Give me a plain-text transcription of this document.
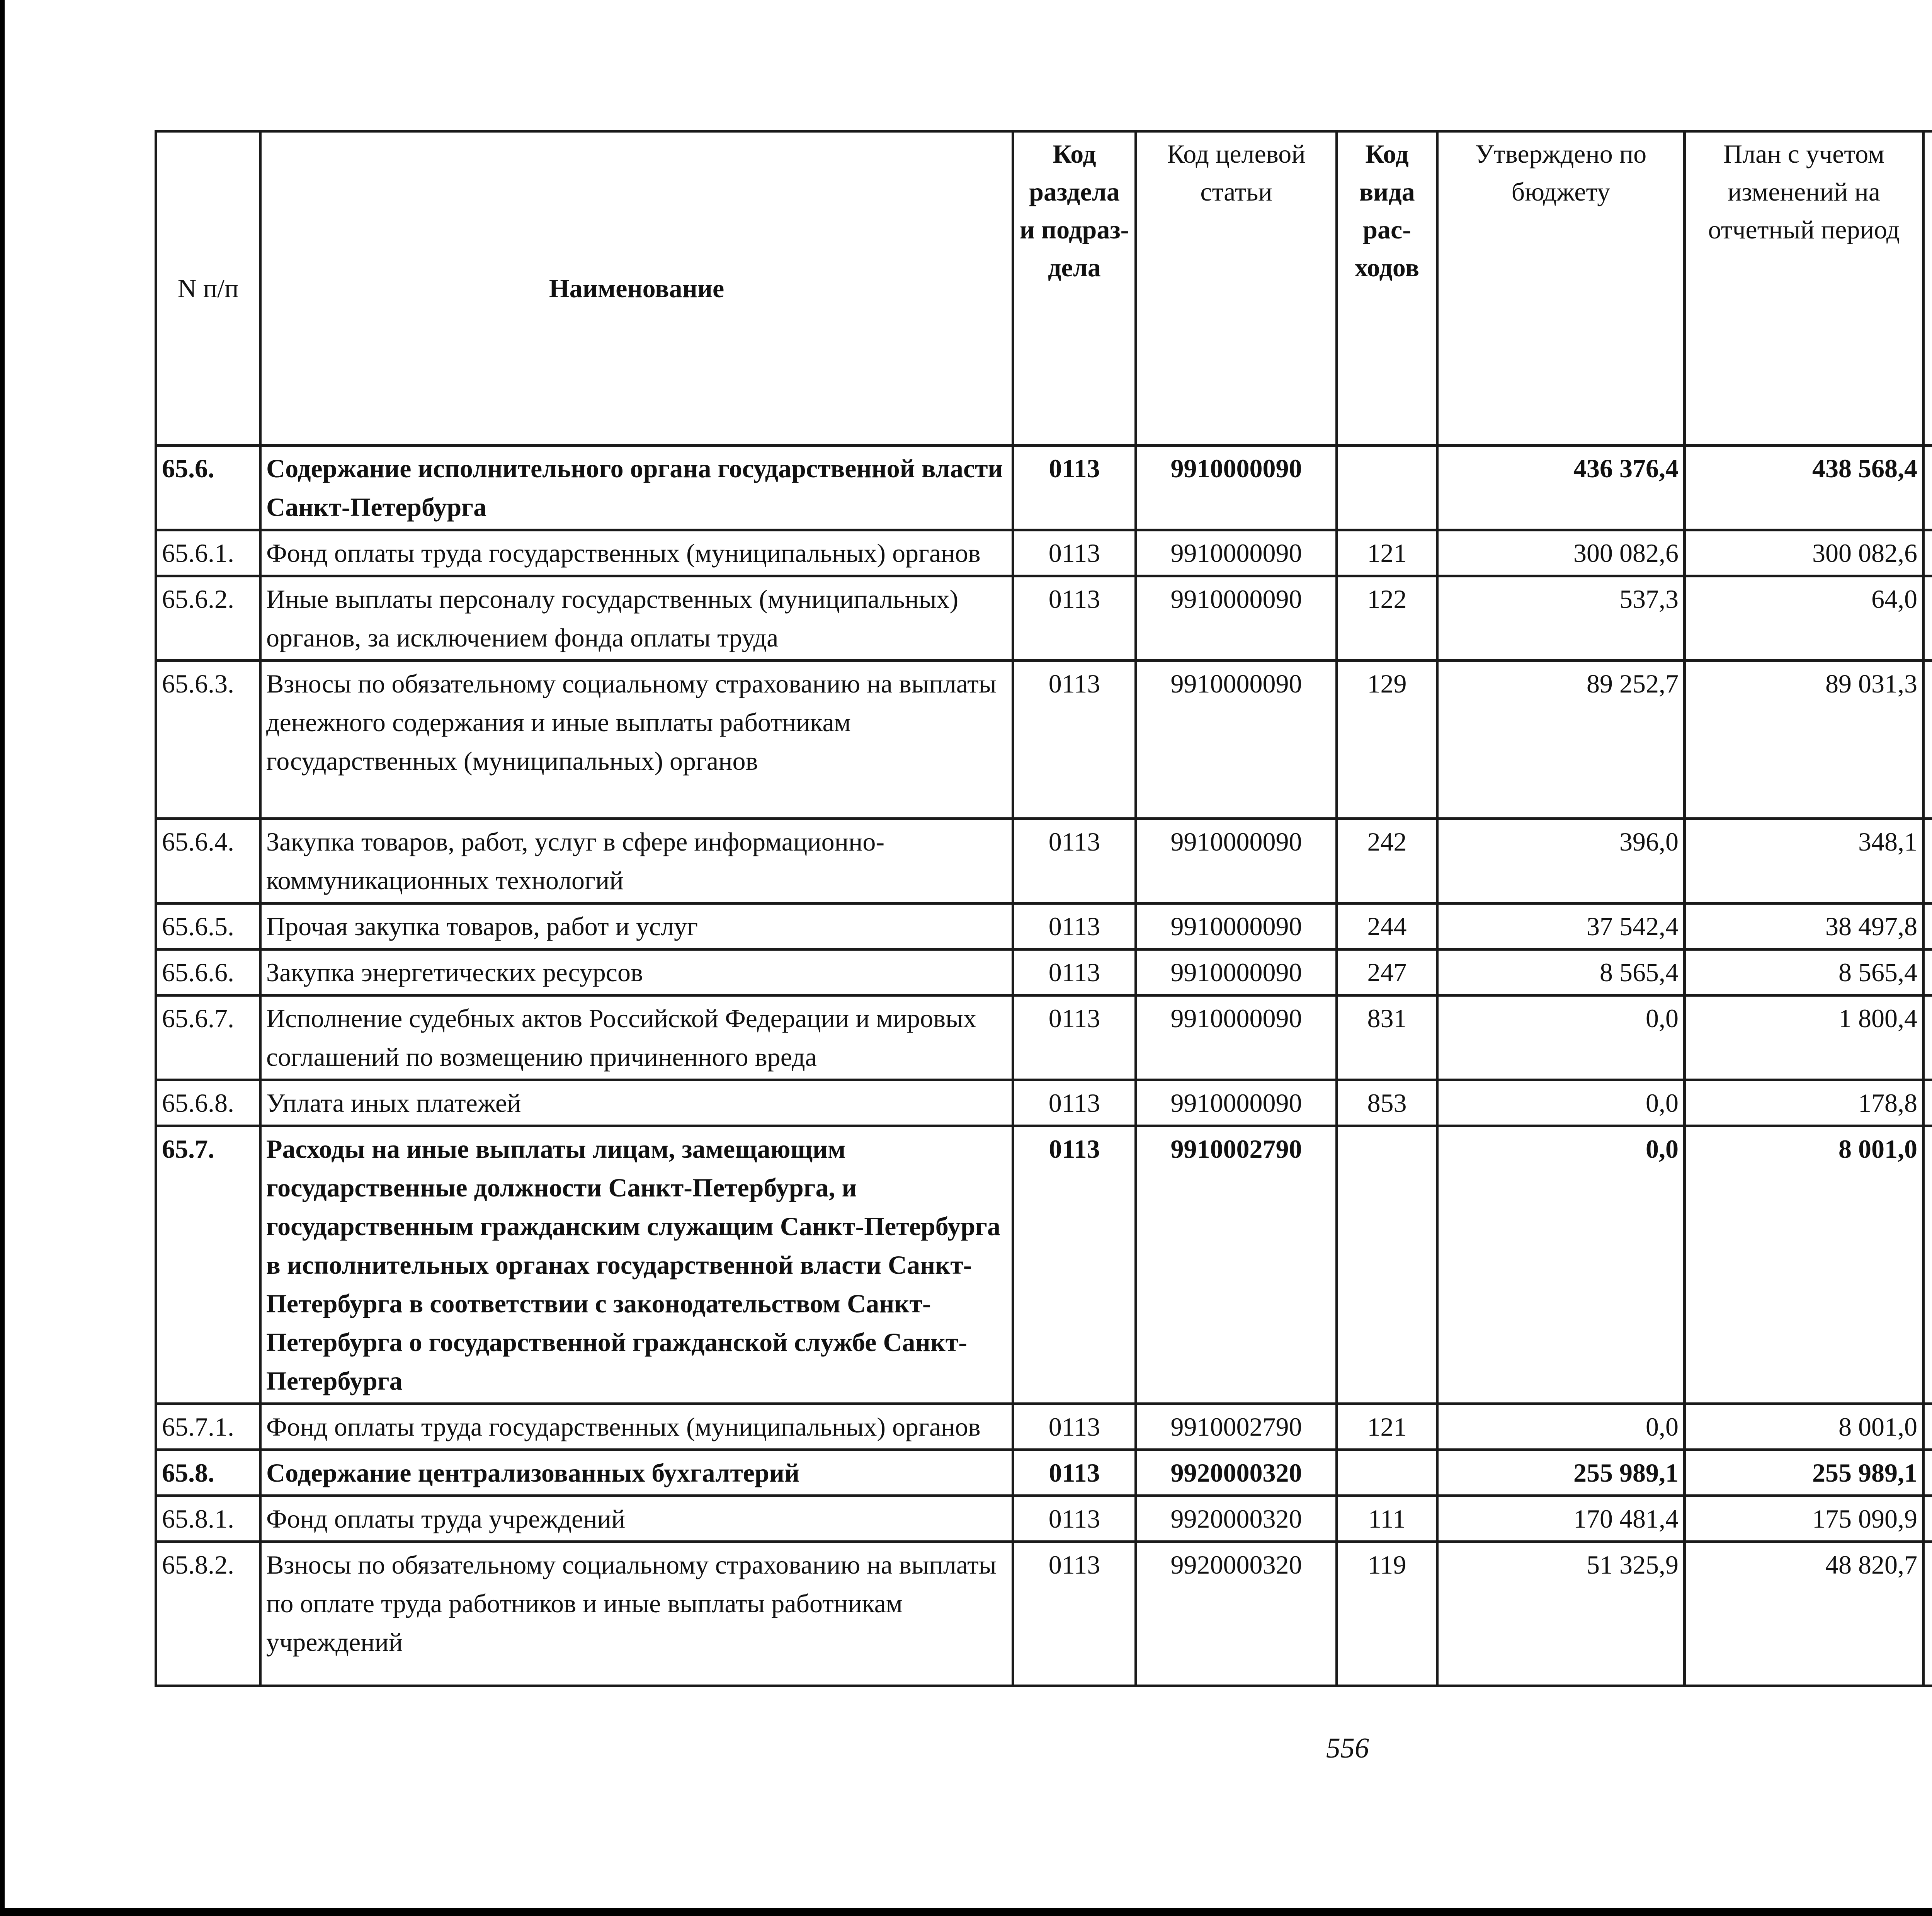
N п/п	Наименование	Код раздела и подраз-дела	Код целевой статьи	Код вида рас-ходов	Утверждено по бюджету	План с учетом изменений на отчетный период		

65.6.	Содержание исполнительного органа государственной власти Санкт-Петербурга	0113	9910000090		436 376,4	438 568,4			
65.6.1.	Фонд оплаты труда государственных (муниципальных) органов	0113	9910000090	121	300 082,6	300 082,6			
65.6.2.	Иные выплаты персоналу государственных (муниципальных) органов, за исключением фонда оплаты труда	0113	9910000090	122	537,3	64,0			
65.6.3.	Взносы по обязательному социальному страхованию на выплаты денежного содержания и иные выплаты работникам государственных (муниципальных) органов	0113	9910000090	129	89 252,7	89 031,3			
65.6.4.	Закупка товаров, работ, услуг в сфере информационно-коммуникационных технологий	0113	9910000090	242	396,0	348,1			
65.6.5.	Прочая закупка товаров, работ и услуг	0113	9910000090	244	37 542,4	38 497,8			
65.6.6.	Закупка энергетических ресурсов	0113	9910000090	247	8 565,4	8 565,4			
65.6.7.	Исполнение судебных актов Российской Федерации и мировых соглашений по возмещению причиненного вреда	0113	9910000090	831	0,0	1 800,4			
65.6.8.	Уплата иных платежей	0113	9910000090	853	0,0	178,8			
65.7.	Расходы на иные выплаты лицам, замещающим государственные должности Санкт-Петербурга, и государственным гражданским служащим Санкт-Петербурга в исполнительных органах государственной власти Санкт-Петербурга в соответствии с законодательством Санкт-Петербурга о государственной гражданской службе Санкт-Петербурга	0113	9910002790		0,0	8 001,0			
65.7.1.	Фонд оплаты труда государственных (муниципальных) органов	0113	9910002790	121	0,0	8 001,0			
65.8.	Содержание централизованных бухгалтерий	0113	9920000320		255 989,1	255 989,1			
65.8.1.	Фонд оплаты труда учреждений	0113	9920000320	111	170 481,4	175 090,9			
65.8.2.	Взносы по обязательному социальному страхованию на выплаты по оплате труда работников и иные выплаты работникам учреждений	0113	9920000320	119	51 325,9	48 820,7			
556
